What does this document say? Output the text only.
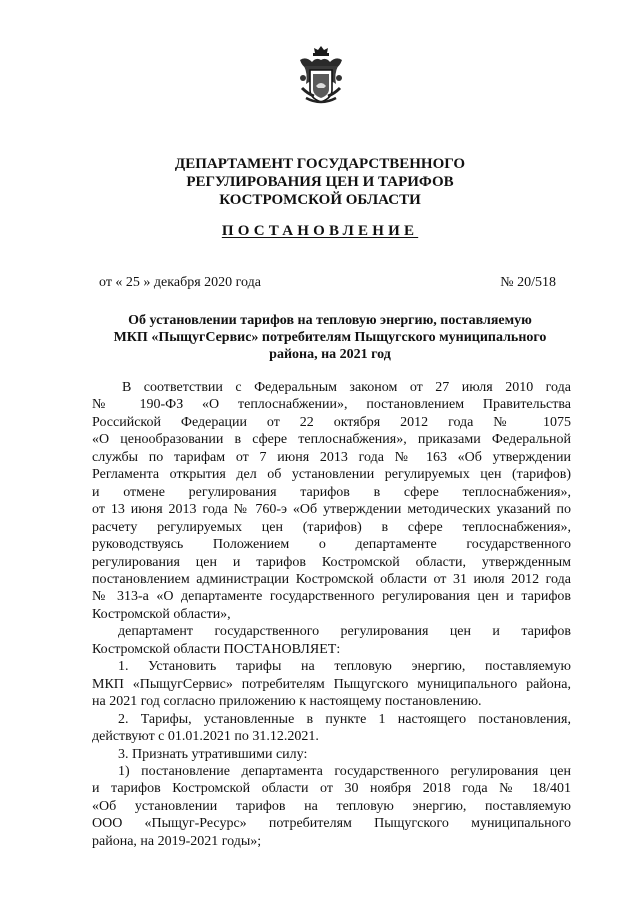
ДЕПАРТАМЕНТ ГОСУДАРСТВЕННОГО
РЕГУЛИРОВАНИЯ ЦЕН И ТАРИФОВ
КОСТРОМСКОЙ ОБЛАСТИ
ПОСТАНОВЛЕНИЕ
от « 25 » декабря 2020 года	№ 20/518
Об установлении тарифов на тепловую энергию, поставляемую
МКП «ПыщугСервис» потребителям Пыщугского муниципального
района, на 2021 год

В соответствии с Федеральным законом от 27 июля 2010 года

№ 190-ФЗ «О теплоснабжении», постановлением Правительства

Российской Федерации от 22 октября 2012 года № 1075

«О ценообразовании в сфере теплоснабжения», приказами Федеральной

службы по тарифам от 7 июня 2013 года № 163 «Об утверждении

Регламента открытия дел об установлении регулируемых цен (тарифов)

и отмене регулирования тарифов в сфере теплоснабжения»,

от 13 июня 2013 года № 760-э «Об утверждении методических указаний по

расчету регулируемых цен (тарифов) в сфере теплоснабжения»,

руководствуясь Положением о департаменте государственного

регулирования цен и тарифов Костромской области, утвержденным

постановлением администрации Костромской области от 31 июля 2012 года

№ 313-а «О департаменте государственного регулирования цен и тарифов

Костромской области»,

департамент государственного регулирования цен и тарифов

Костромской области ПОСТАНОВЛЯЕТ:

1. Установить тарифы на тепловую энергию, поставляемую

МКП «ПыщугСервис» потребителям Пыщугского муниципального района,

на 2021 год согласно приложению к настоящему постановлению.

2. Тарифы, установленные в пункте 1 настоящего постановления,

действуют с 01.01.2021 по 31.12.2021.

3. Признать утратившими силу:

1) постановление департамента государственного регулирования цен

и тарифов Костромской области от 30 ноября 2018 года № 18/401

«Об установлении тарифов на тепловую энергию, поставляемую

ООО «Пыщуг-Ресурс» потребителям Пыщугского муниципального

района, на 2019-2021 годы»;
